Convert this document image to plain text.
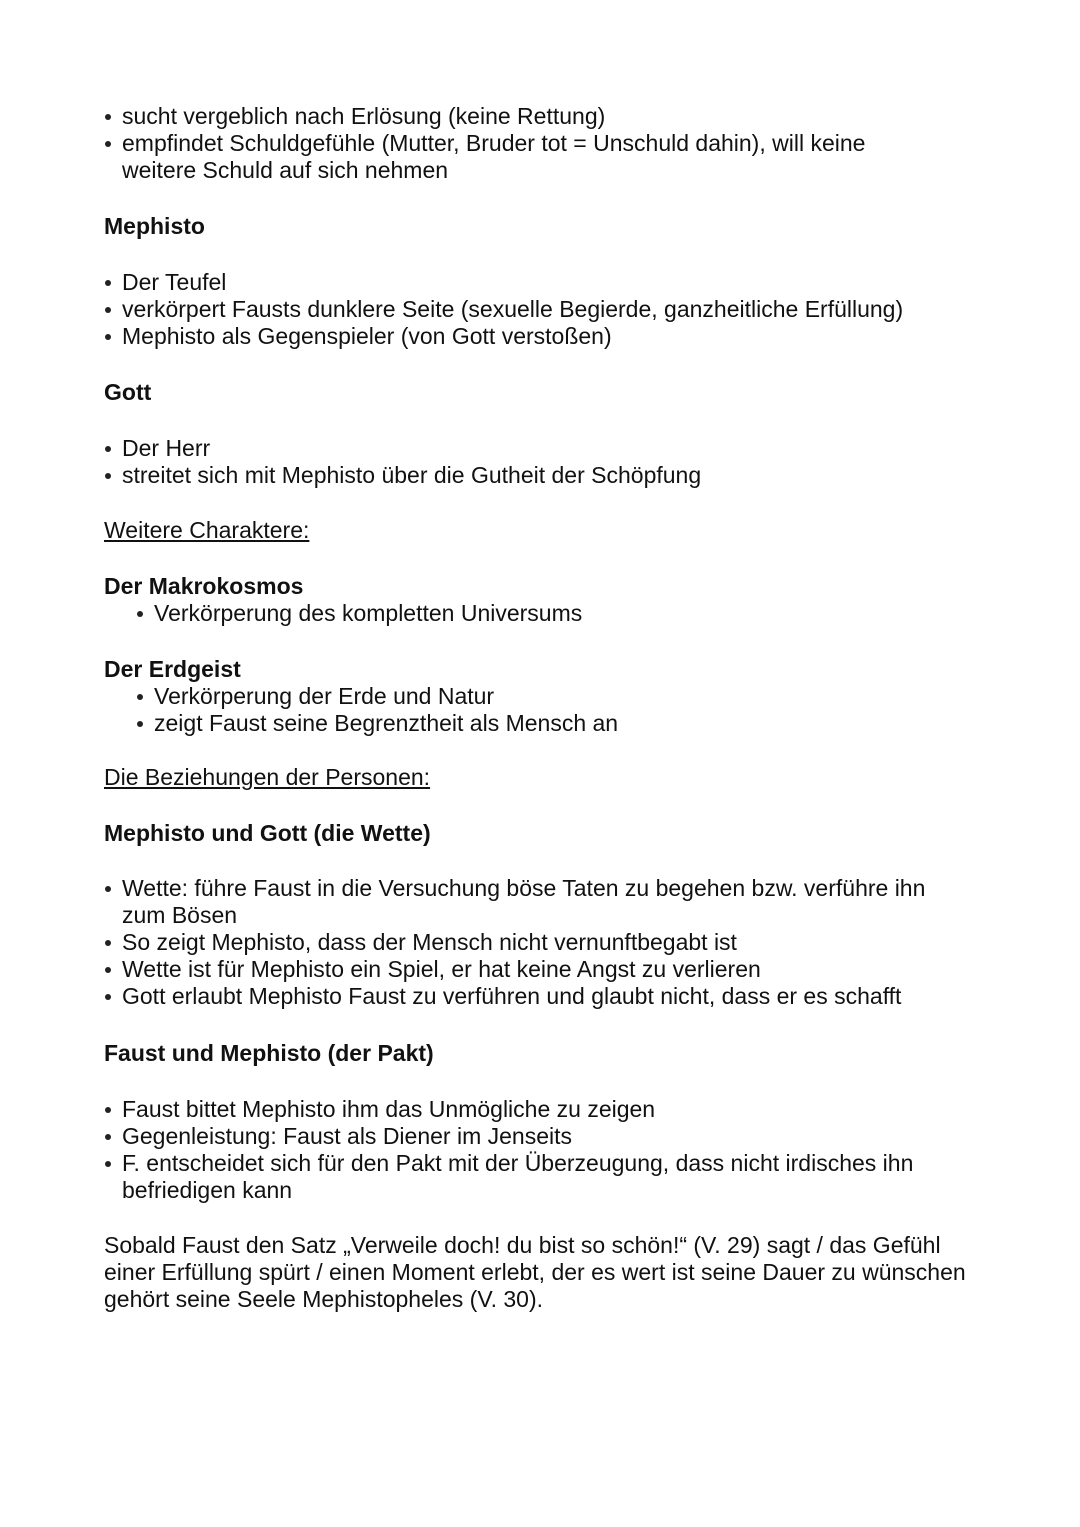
sucht vergeblich nach Erlösung (keine Rettung)
empfindet Schuldgefühle (Mutter, Bruder tot = Unschuld dahin), will keine weitere Schuld auf sich nehmen

Mephisto

Der Teufel
verkörpert Fausts dunklere Seite (sexuelle Begierde, ganzheitliche Erfüllung)
Mephisto als Gegenspieler (von Gott verstoßen)

Gott

Der Herr
streitet sich mit Mephisto über die Gutheit der Schöpfung

Weitere Charaktere:

Der Makrokosmos

Verkörperung des kompletten Universums

Der Erdgeist

Verkörperung der Erde und Natur
zeigt Faust seine Begrenztheit als Mensch an

Die Beziehungen der Personen:

Mephisto und Gott (die Wette)

Wette: führe Faust in die Versuchung böse Taten zu begehen bzw. verführe ihn zum Bösen
So zeigt Mephisto, dass der Mensch nicht vernunftbegabt ist
Wette ist für Mephisto ein Spiel, er hat keine Angst zu verlieren
Gott erlaubt Mephisto Faust zu verführen und glaubt nicht, dass er es schafft

Faust und Mephisto (der Pakt)

Faust bittet Mephisto ihm das Unmögliche zu zeigen
Gegenleistung: Faust als Diener im Jenseits
F. entscheidet sich für den Pakt mit der Überzeugung, dass nicht irdisches ihn befriedigen kann

Sobald Faust den Satz „Verweile doch! du bist so schön!“ (V. 29) sagt / das Gefühl einer Erfüllung spürt / einen Moment erlebt, der es wert ist seine Dauer zu wünschen gehört seine Seele Mephistopheles (V. 30).
